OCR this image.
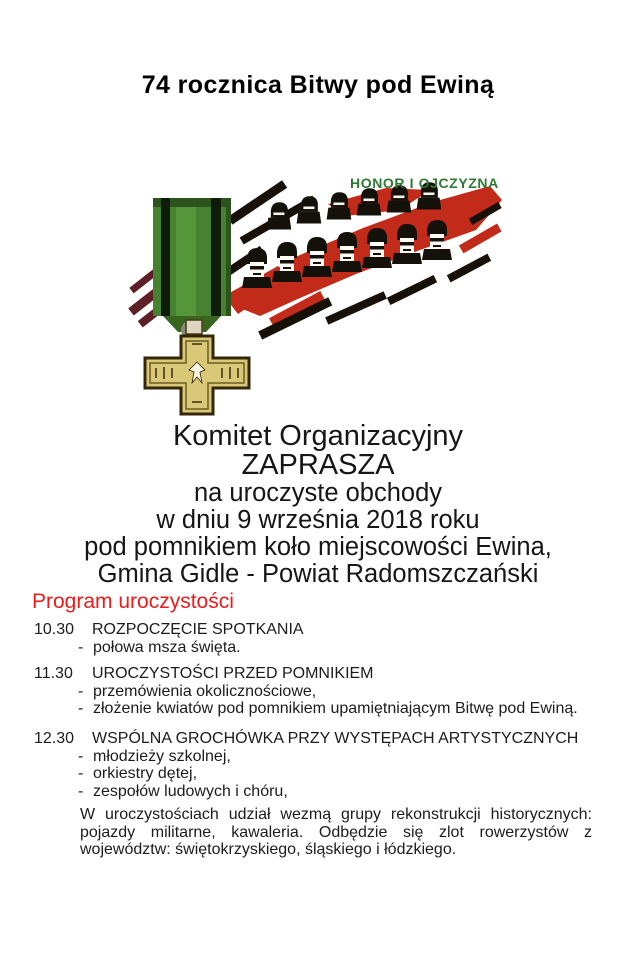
74 rocznica Bitwy pod Ewiną
HONOR I OJCZYZNA
Komitet Organizacyjny
ZAPRASZA
na uroczyste obchody
w dniu 9 września 2018 roku
pod pomnikiem koło miejscowości Ewina,
Gmina Gidle - Powiat Radomszczański
Program uroczystości
10.30	ROZPOCZĘCIE SPOTKANIA
- połowa msza święta.
11.30	UROCZYSTOŚCI PRZED POMNIKIEM
- przemówienia okolicznościowe,
- złożenie kwiatów pod pomnikiem upamiętniającym Bitwę pod Ewiną.
12.30	WSPÓLNA GROCHÓWKA PRZY WYSTĘPACH ARTYSTYCZNYCH
- młodzieży szkolnej,
- orkiestry dętej,
- zespołów ludowych i chóru,

W uroczystościach udział wezmą grupy rekonstrukcji historycznych: pojazdy militarne, kawaleria. Odbędzie się zlot rowerzystów z województw: świętokrzyskiego, śląskiego i łódzkiego.
